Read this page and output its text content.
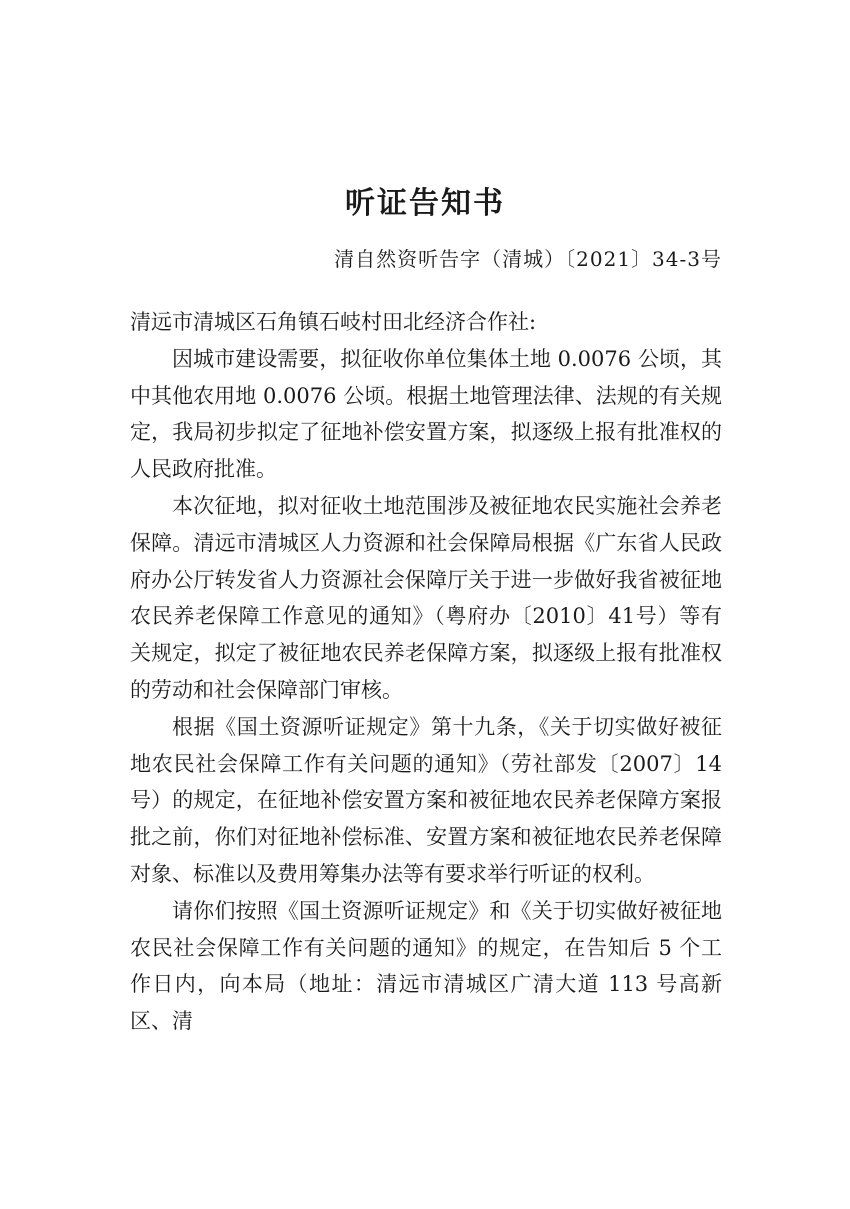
听证告知书
清自然资听告字（清城）〔2021〕34-3号

清远市清城区石角镇石岐村田北经济合作社:

因城市建设需要，拟征收你单位集体土地 0.0076 公顷，其中其他农用地 0.0076 公顷。根据土地管理法律、法规的有关规定，我局初步拟定了征地补偿安置方案，拟逐级上报有批准权的人民政府批准。

本次征地，拟对征收土地范围涉及被征地农民实施社会养老保障。清远市清城区人力资源和社会保障局根据《广东省人民政府办公厅转发省人力资源社会保障厅关于进一步做好我省被征地农民养老保障工作意见的通知》（粤府办〔2010〕41号）等有关规定，拟定了被征地农民养老保障方案，拟逐级上报有批准权的劳动和社会保障部门审核。

根据《国土资源听证规定》第十九条，《关于切实做好被征地农民社会保障工作有关问题的通知》（劳社部发〔2007〕14号）的规定，在征地补偿安置方案和被征地农民养老保障方案报批之前，你们对征地补偿标准、安置方案和被征地农民养老保障对象、标准以及费用筹集办法等有要求举行听证的权利。

请你们按照《国土资源听证规定》和《关于切实做好被征地农民社会保障工作有关问题的通知》的规定，在告知后 5 个工作日内，向本局（地址：清远市清城区广清大道 113 号高新区、清
